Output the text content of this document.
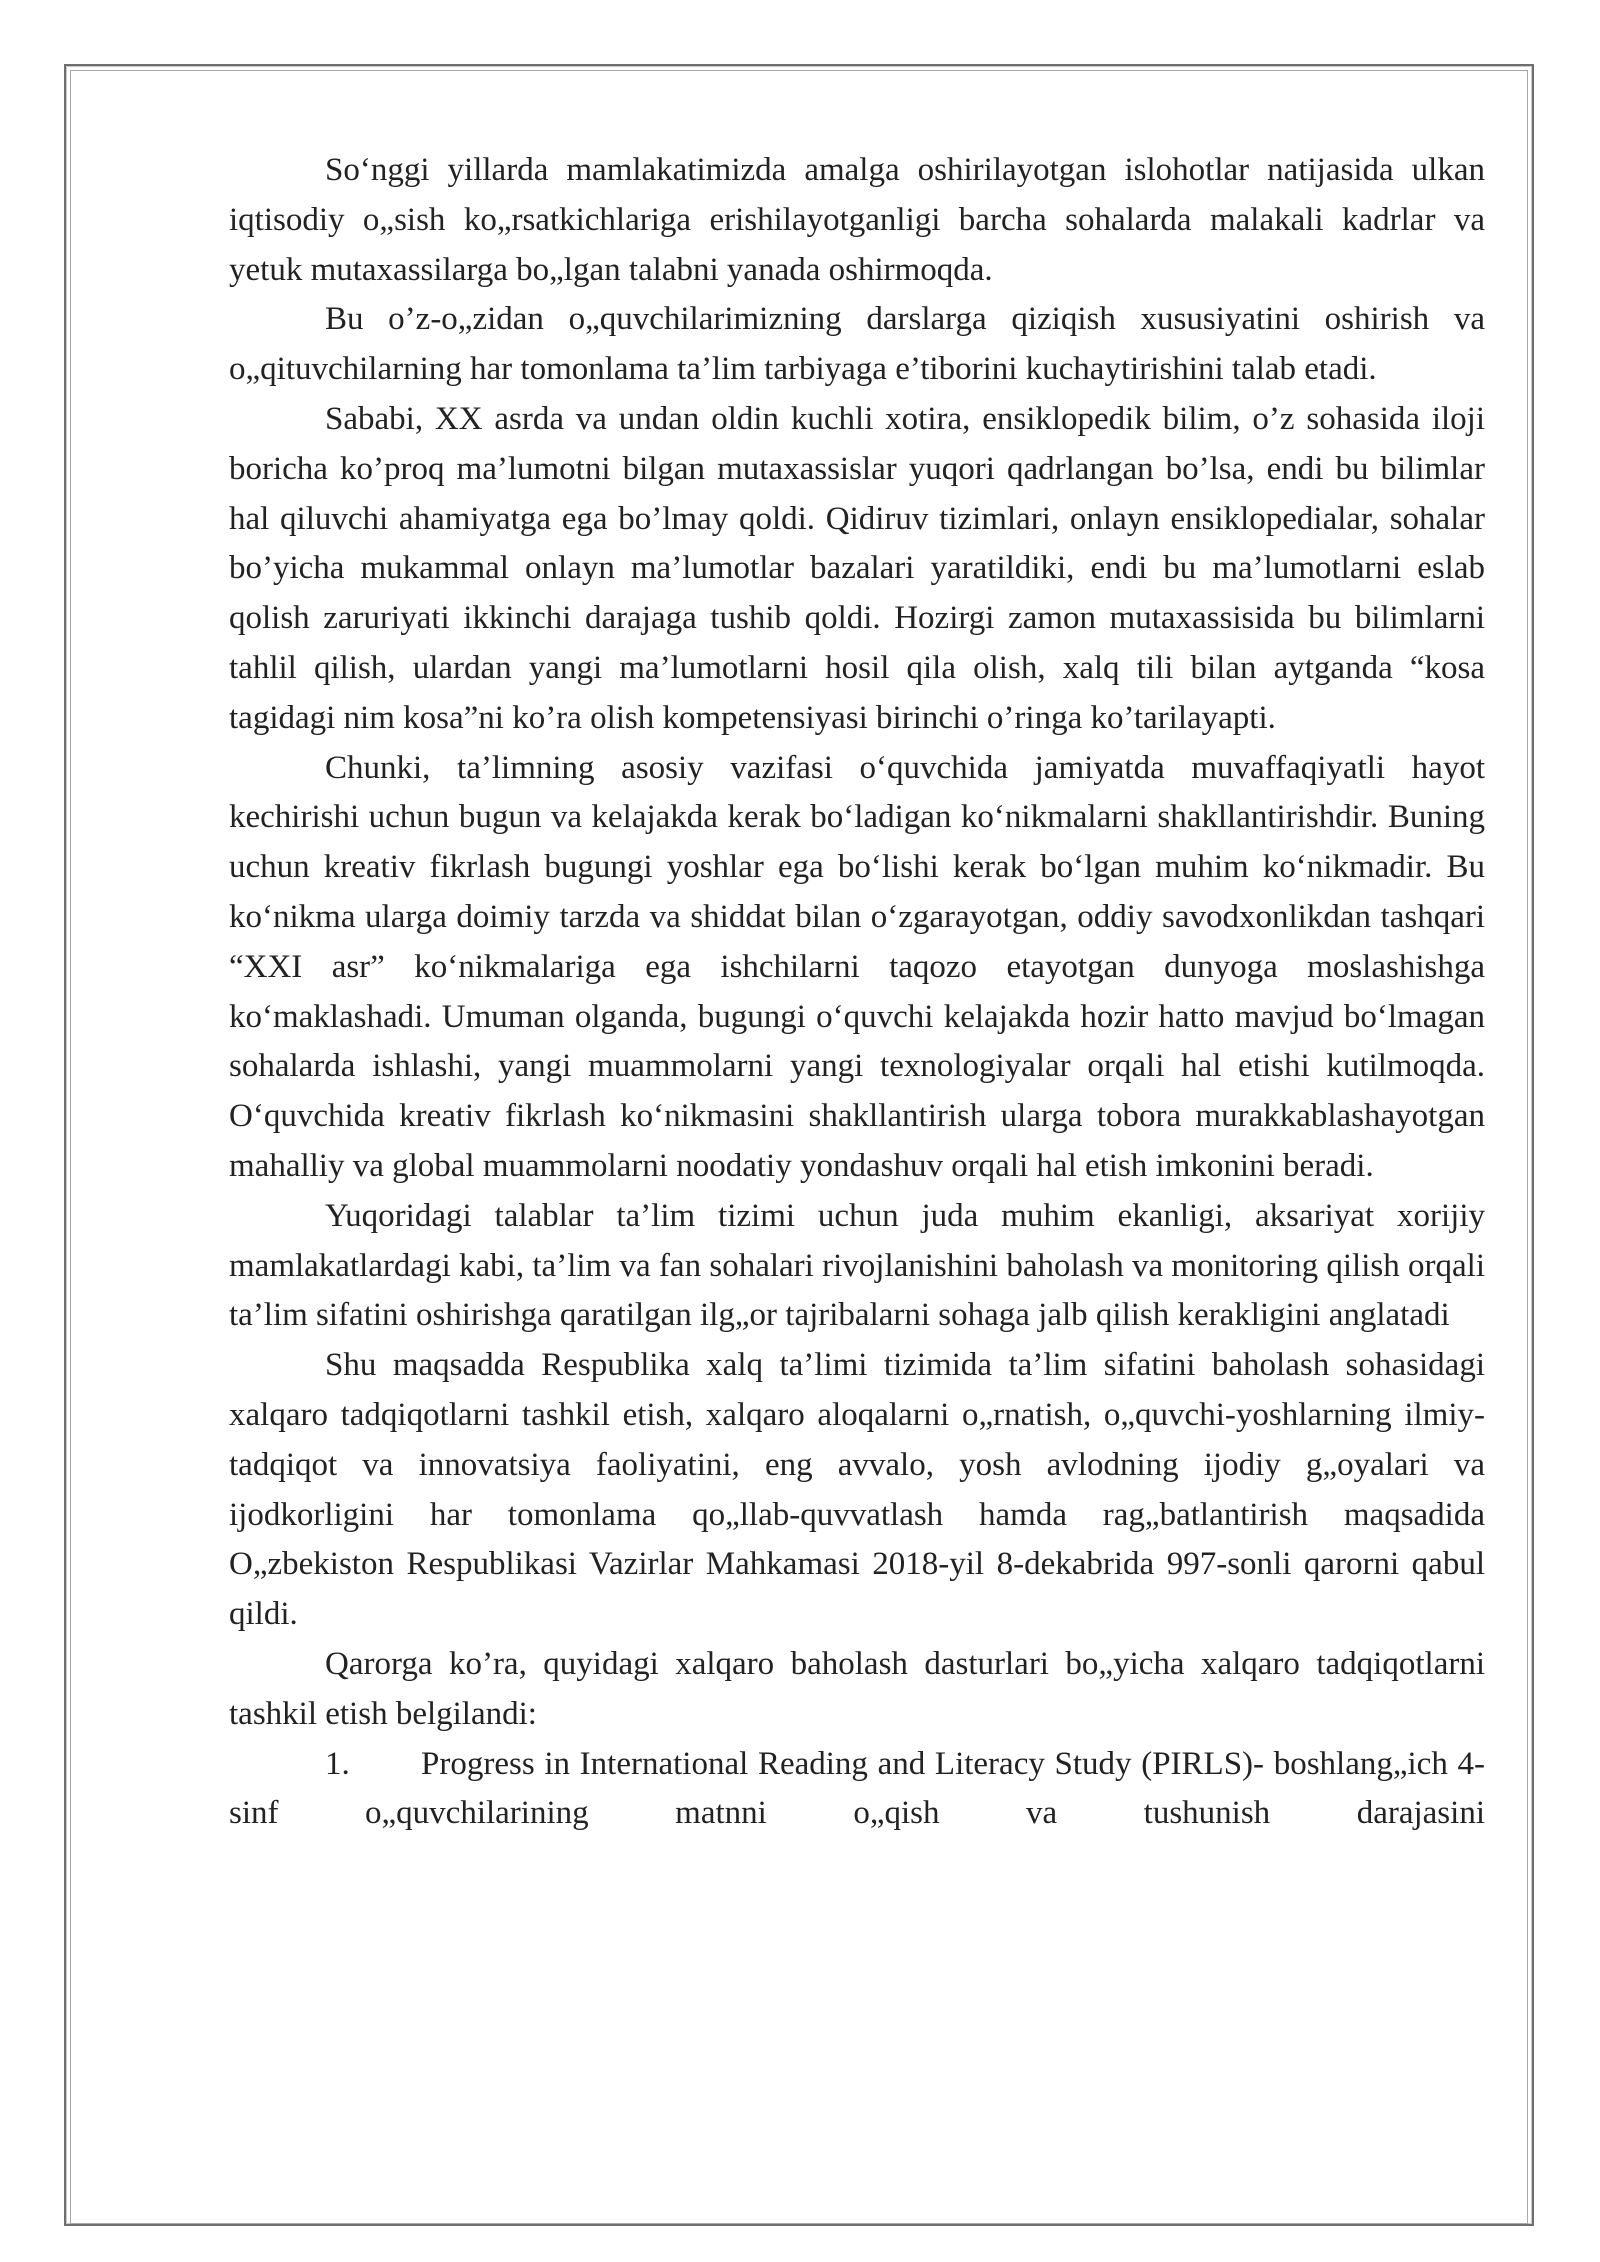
So‘nggi yillarda mamlakatimizda amalga oshirilayotgan islohotlar natijasida ulkan iqtisodiy o„sish ko„rsatkichlariga erishilayotganligi barcha sohalarda malakali kadrlar va yetuk mutaxassilarga bo„lgan talabni yanada oshirmoqda.

Bu o’z-o„zidan o„quvchilarimizning darslarga qiziqish xususiyatini oshirish va o„qituvchilarning har tomonlama ta’lim tarbiyaga e’tiborini kuchaytirishini talab etadi.

Sababi, XX asrda va undan oldin kuchli xotira, ensiklopedik bilim, o’z sohasida iloji boricha ko’proq ma’lumotni bilgan mutaxassislar yuqori qadrlangan bo’lsa, endi bu bilimlar hal qiluvchi ahamiyatga ega bo’lmay qoldi. Qidiruv tizimlari, onlayn ensiklopedialar, sohalar bo’yicha mukammal onlayn ma’lumotlar bazalari yaratildiki, endi bu ma’lumotlarni eslab qolish zaruriyati ikkinchi darajaga tushib qoldi. Hozirgi zamon mutaxassisida bu bilimlarni tahlil qilish, ulardan yangi ma’lumotlarni hosil qila olish, xalq tili bilan aytganda “kosa tagidagi nim kosa”ni ko’ra olish kompetensiyasi birinchi o’ringa ko’tarilayapti.

Chunki, ta’limning asosiy vazifasi o‘quvchida jamiyatda muvaffaqiyatli hayot kechirishi uchun bugun va kelajakda kerak bo‘ladigan ko‘nikmalarni shakllantirishdir. Buning uchun kreativ fikrlash bugungi yoshlar ega bo‘lishi kerak bo‘lgan muhim ko‘nikmadir. Bu ko‘nikma ularga doimiy tarzda va shiddat bilan o‘zgarayotgan, oddiy savodxonlikdan tashqari “XXI asr” ko‘nikmalariga ega ishchilarni taqozo etayotgan dunyoga moslashishga ko‘maklashadi. Umuman olganda, bugungi o‘quvchi kelajakda hozir hatto mavjud bo‘lmagan sohalarda ishlashi, yangi muammolarni yangi texnologiyalar orqali hal etishi kutilmoqda. O‘quvchida kreativ fikrlash ko‘nikmasini shakllantirish ularga tobora murakkablashayotgan mahalliy va global muammolarni noodatiy yondashuv orqali hal etish imkonini beradi.

Yuqoridagi talablar ta’lim tizimi uchun juda muhim ekanligi, aksariyat xorijiy mamlakatlardagi kabi, ta’lim va fan sohalari rivojlanishini baholash va monitoring qilish orqali ta’lim sifatini oshirishga qaratilgan ilg„or tajribalarni sohaga jalb qilish kerakligini anglatadi

Shu maqsadda Respublika xalq ta’limi tizimida ta’lim sifatini baholash sohasidagi xalqaro tadqiqotlarni tashkil etish, xalqaro aloqalarni o„rnatish, o„quvchi-yoshlarning ilmiy-tadqiqot va innovatsiya faoliyatini, eng avvalo, yosh avlodning ijodiy g„oyalari va ijodkorligini har tomonlama qo„llab-quvvatlash hamda rag„batlantirish maqsadida O„zbekiston Respublikasi Vazirlar Mahkamasi 2018-yil 8-dekabrida 997-sonli qarorni qabul qildi.

Qarorga ko’ra, quyidagi xalqaro baholash dasturlari bo„yicha xalqaro tadqiqotlarni tashkil etish belgilandi:

1. Progress in International Reading and Literacy Study (PIRLS)- boshlang„ich 4-sinf o„quvchilarining matnni o„qish va tushunish darajasini
